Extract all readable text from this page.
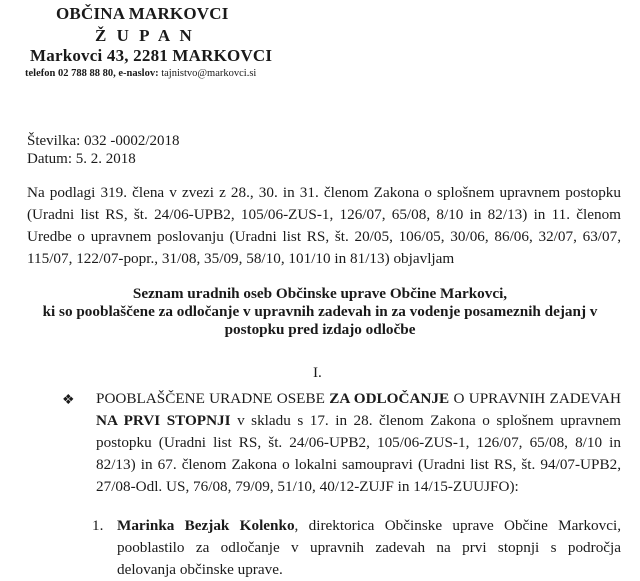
OBČINA MARKOVCI
Ž U P A N
Markovci 43, 2281 MARKOVCI
telefon 02 788 88 80, e-naslov: tajnistvo@markovci.si
Številka: 032 -0002/2018
Datum: 5. 2. 2018
Na podlagi 319. člena v zvezi z 28., 30. in 31. členom Zakona o splošnem upravnem postopku
(Uradni list RS, št. 24/06-UPB2, 105/06-ZUS-1, 126/07, 65/08, 8/10 in 82/13) in 11. členom
Uredbe o upravnem poslovanju (Uradni list RS, št. 20/05, 106/05, 30/06, 86/06, 32/07, 63/07,
115/07, 122/07-popr., 31/08, 35/09, 58/10, 101/10 in 81/13) objavljam
Seznam uradnih oseb Občinske uprave Občine Markovci,
ki so pooblaščene za odločanje v upravnih zadevah in za vodenje posameznih dejanj v
postopku pred izdajo odločbe
I.
❖ POOBLAŠČENE URADNE OSEBE ZA ODLOČANJE O UPRAVNIH ZADEVAH
NA PRVI STOPNJI v skladu s 17. in 28. členom Zakona o splošnem upravnem
postopku (Uradni list RS, št. 24/06-UPB2, 105/06-ZUS-1, 126/07, 65/08, 8/10 in
82/13) in 67. členom Zakona o lokalni samoupravi (Uradni list RS, št. 94/07-UPB2,
27/08-Odl. US, 76/08, 79/09, 51/10, 40/12-ZUJF in 14/15-ZUUJFO):
1. Marinka Bezjak Kolenko, direktorica Občinske uprave Občine Markovci,
pooblastilo za odločanje v upravnih zadevah na prvi stopnji s področja
delovanja občinske uprave.
